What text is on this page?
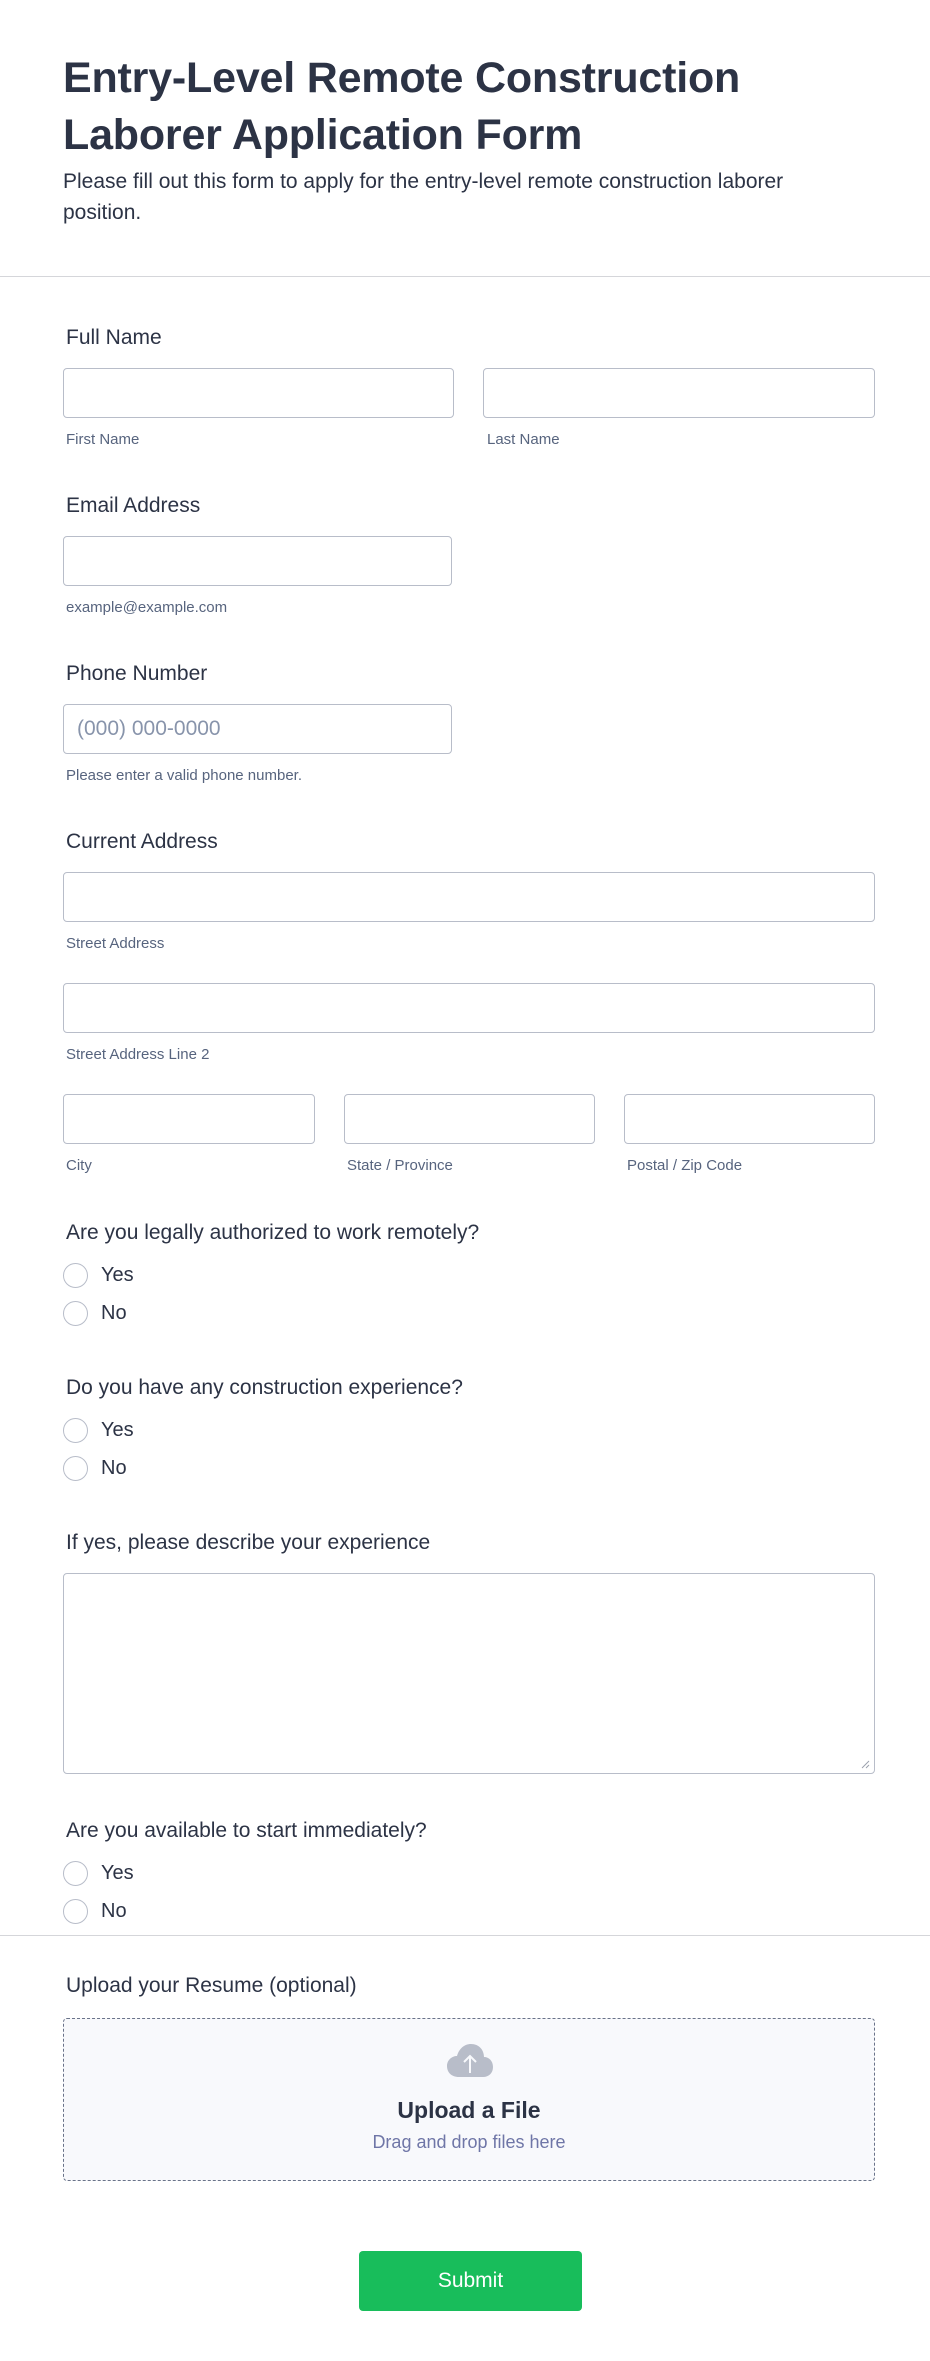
Entry-Level Remote Construction Laborer Application Form

Please fill out this form to apply for the entry-level remote construction laborer position.

Full Name
First Name	Last Name
Email Address
example@example.com
Phone Number
(000) 000-0000
Please enter a valid phone number.
Current Address
Street Address
Street Address Line 2
City	State / Province	Postal / Zip Code
Are you legally authorized to work remotely?
Yes
No
Do you have any construction experience?
Yes
No
If yes, please describe your experience
Are you available to start immediately?
Yes
No
Upload your Resume (optional)
Upload a File
Drag and drop files here
Submit
